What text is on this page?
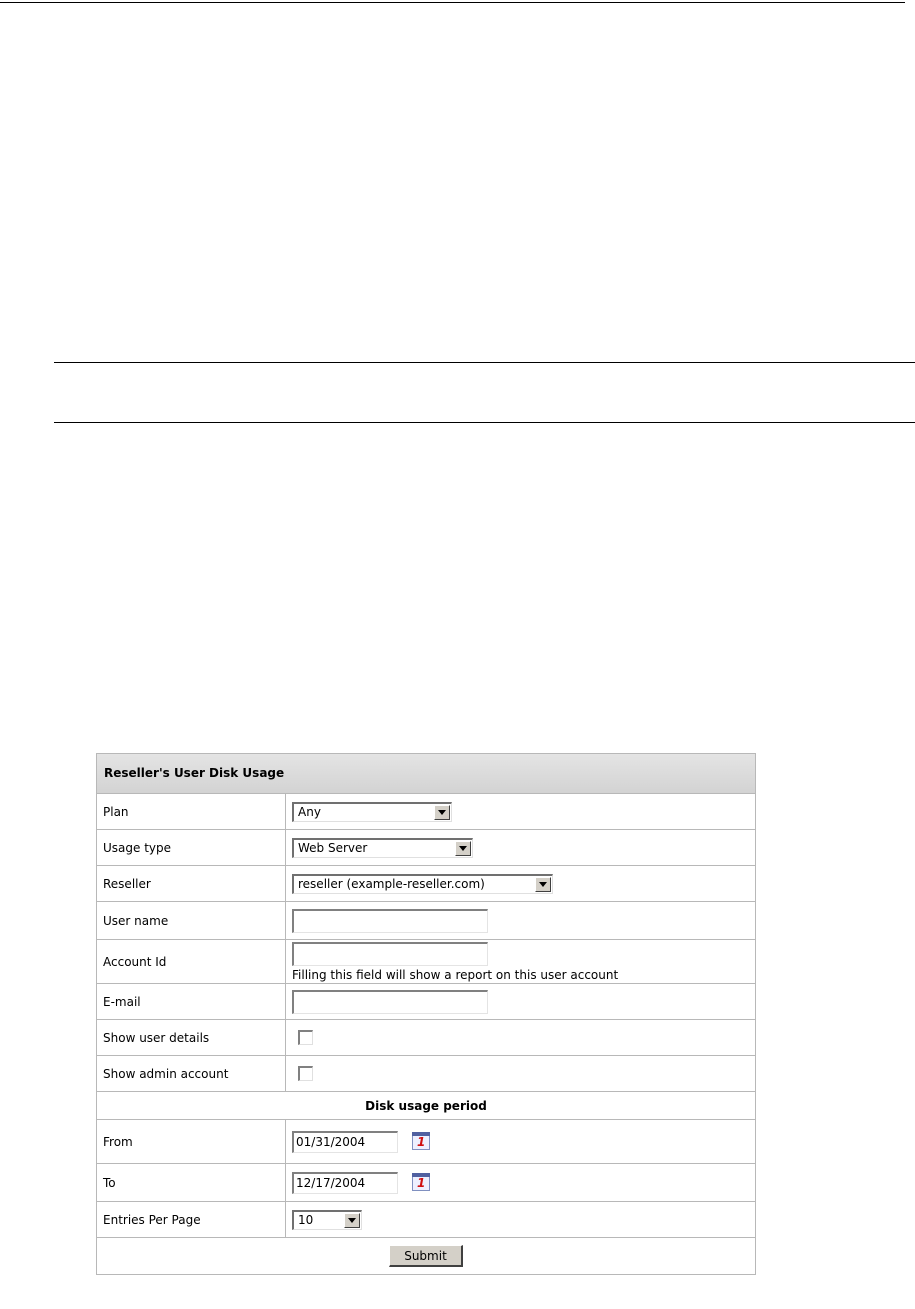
Reseller's User Disk Usage
Plan	Any
Usage type	Web Server
Reseller	reseller (example-reseller.com)
User name
Account Id
Filling this field will show a report on this user account
E-mail
Show user details
Show admin account
Disk usage period
From	01/31/2004
1
To	12/17/2004
1
Entries Per Page	10
Submit
